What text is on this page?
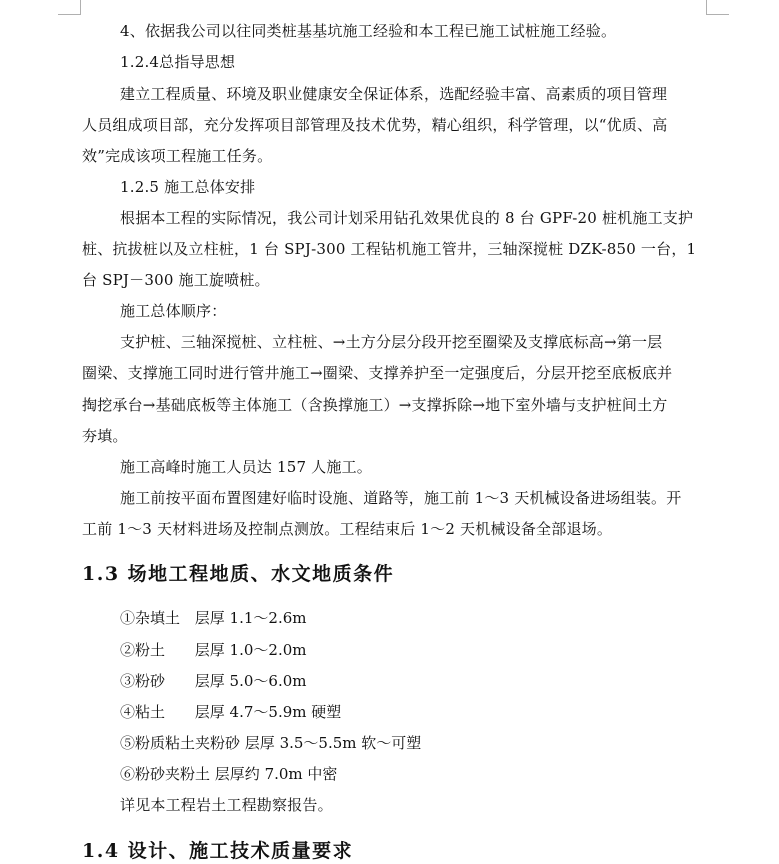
4、依据我公司以往同类桩基基坑施工经验和本工程已施工试桩施工经验。
1.2.4总指导思想
建立工程质量、环境及职业健康安全保证体系，选配经验丰富、高素质的项目管理
人员组成项目部，充分发挥项目部管理及技术优势，精心组织，科学管理，以“优质、高
效”完成该项工程施工任务。
1.2.5 施工总体安排
根据本工程的实际情况，我公司计划采用钻孔效果优良的 8 台 GPF-20 桩机施工支护
桩、抗拔桩以及立柱桩，1 台 SPJ-300 工程钻机施工管井，三轴深搅桩 DZK-850 一台，1
台 SPJ－300 施工旋喷桩。
施工总体顺序：
支护桩、三轴深搅桩、立柱桩、→土方分层分段开挖至圈梁及支撑底标高→第一层
圈梁、支撑施工同时进行管井施工→圈梁、支撑养护至一定强度后，分层开挖至底板底并
掏挖承台→基础底板等主体施工（含换撑施工）→支撑拆除→地下室外墙与支护桩间土方
夯填。
施工高峰时施工人员达 157 人施工。
施工前按平面布置图建好临时设施、道路等，施工前 1～3 天机械设备进场组装。开
工前 1～3 天材料进场及控制点测放。工程结束后 1～2 天机械设备全部退场。
1.3 场地工程地质、水文地质条件
①杂填土 层厚 1.1～2.6m
②粉土 层厚 1.0～2.0m
③粉砂 层厚 5.0～6.0m
④粘土 层厚 4.7～5.9m 硬塑
⑤粉质粘土夹粉砂 层厚 3.5～5.5m 软～可塑
⑥粉砂夹粉土 层厚约 7.0m 中密
详见本工程岩土工程勘察报告。
1.4 设计、施工技术质量要求
